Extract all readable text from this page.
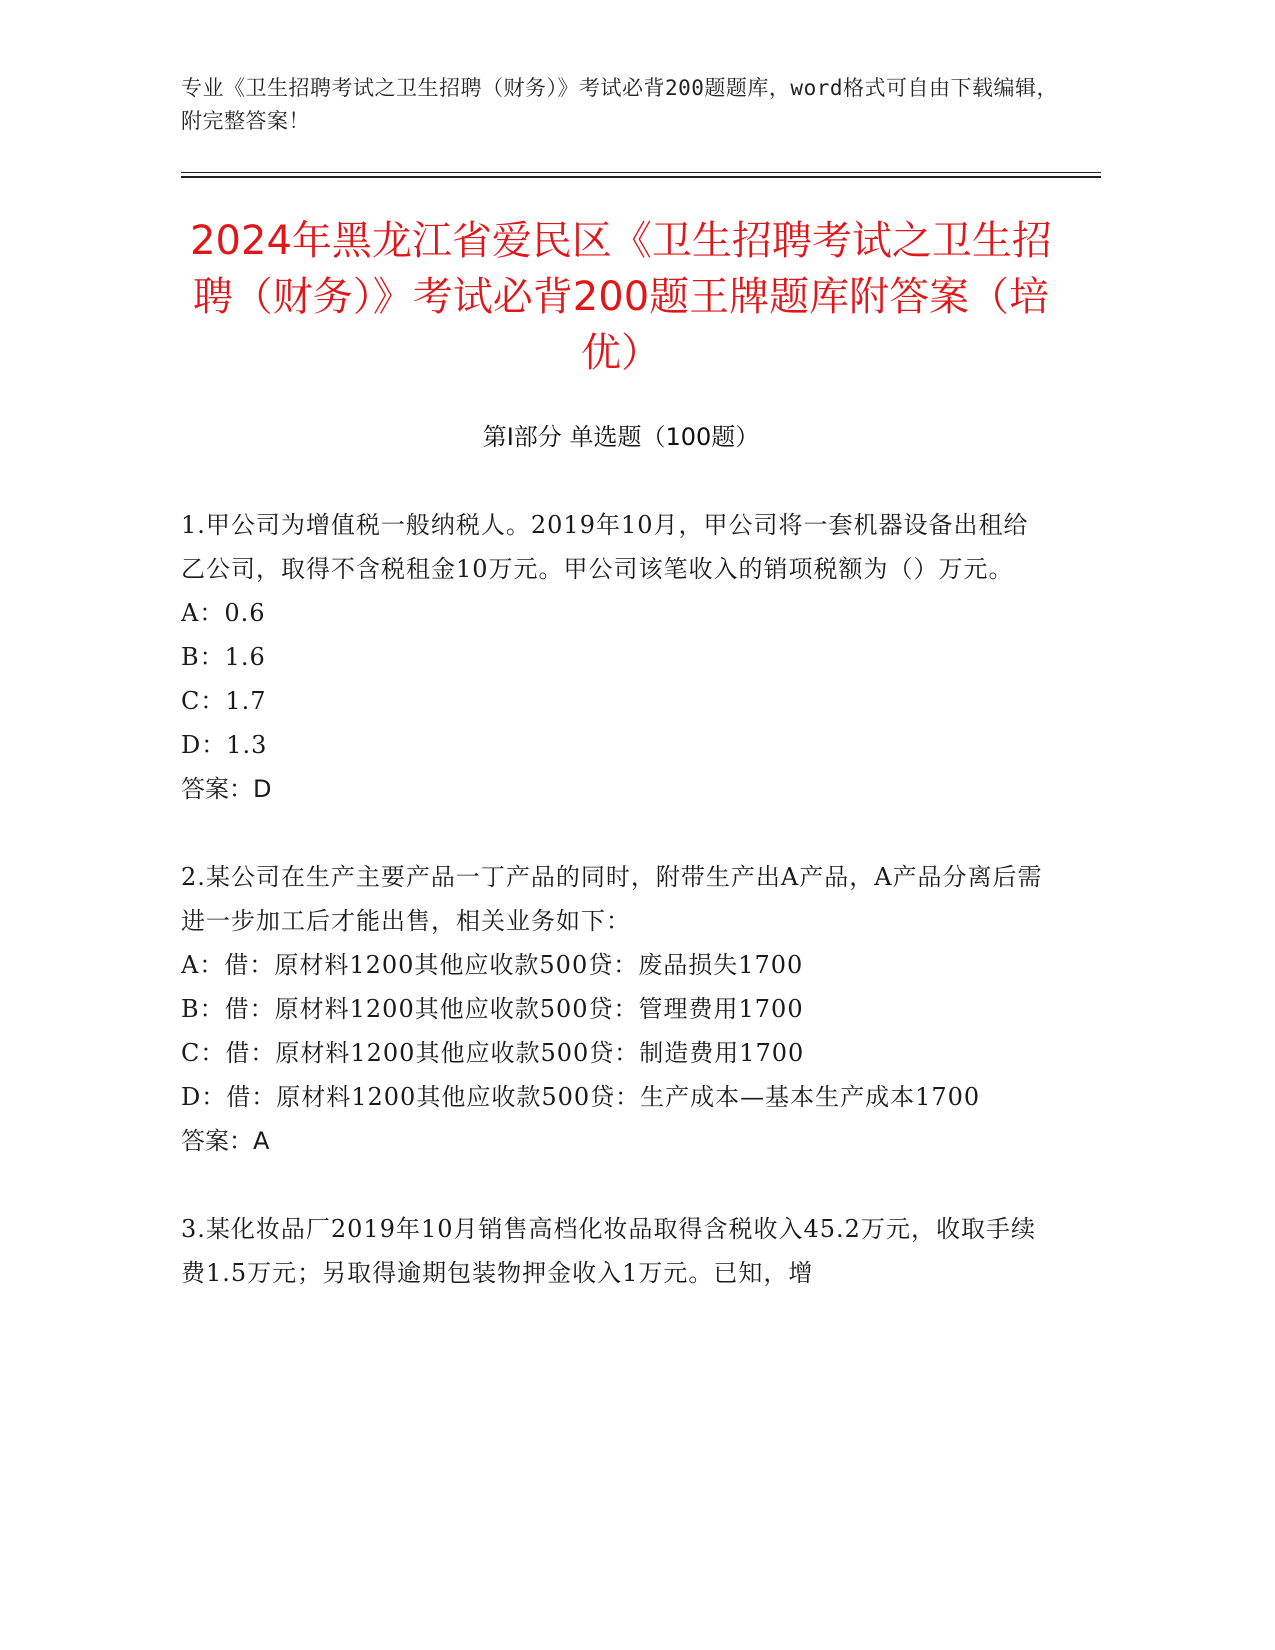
专业《卫生招聘考试之卫生招聘（财务）》考试必背200题题库，word格式可自由下载编辑，附完整答案！
2024年黑龙江省爱民区《卫生招聘考试之卫生招聘（财务）》考试必背200题王牌题库附答案（培优）
第Ⅰ部分 单选题（100题）
1.甲公司为增值税一般纳税人。2019年10月，甲公司将一套机器设备出租给乙公司，取得不含税租金10万元。甲公司该笔收入的销项税额为（）万元。
A：0.6
B：1.6
C：1.7
D：1.3
答案：D
2.某公司在生产主要产品一丁产品的同时，附带生产出A产品，A产品分离后需进一步加工后才能出售，相关业务如下：
A：借：原材料1200其他应收款500贷：废品损失1700
B：借：原材料1200其他应收款500贷：管理费用1700
C：借：原材料1200其他应收款500贷：制造费用1700
D：借：原材料1200其他应收款500贷：生产成本—基本生产成本1700
答案：A
3.某化妆品厂2019年10月销售高档化妆品取得含税收入45.2万元，收取手续费1.5万元；另取得逾期包装物押金收入1万元。已知，增
